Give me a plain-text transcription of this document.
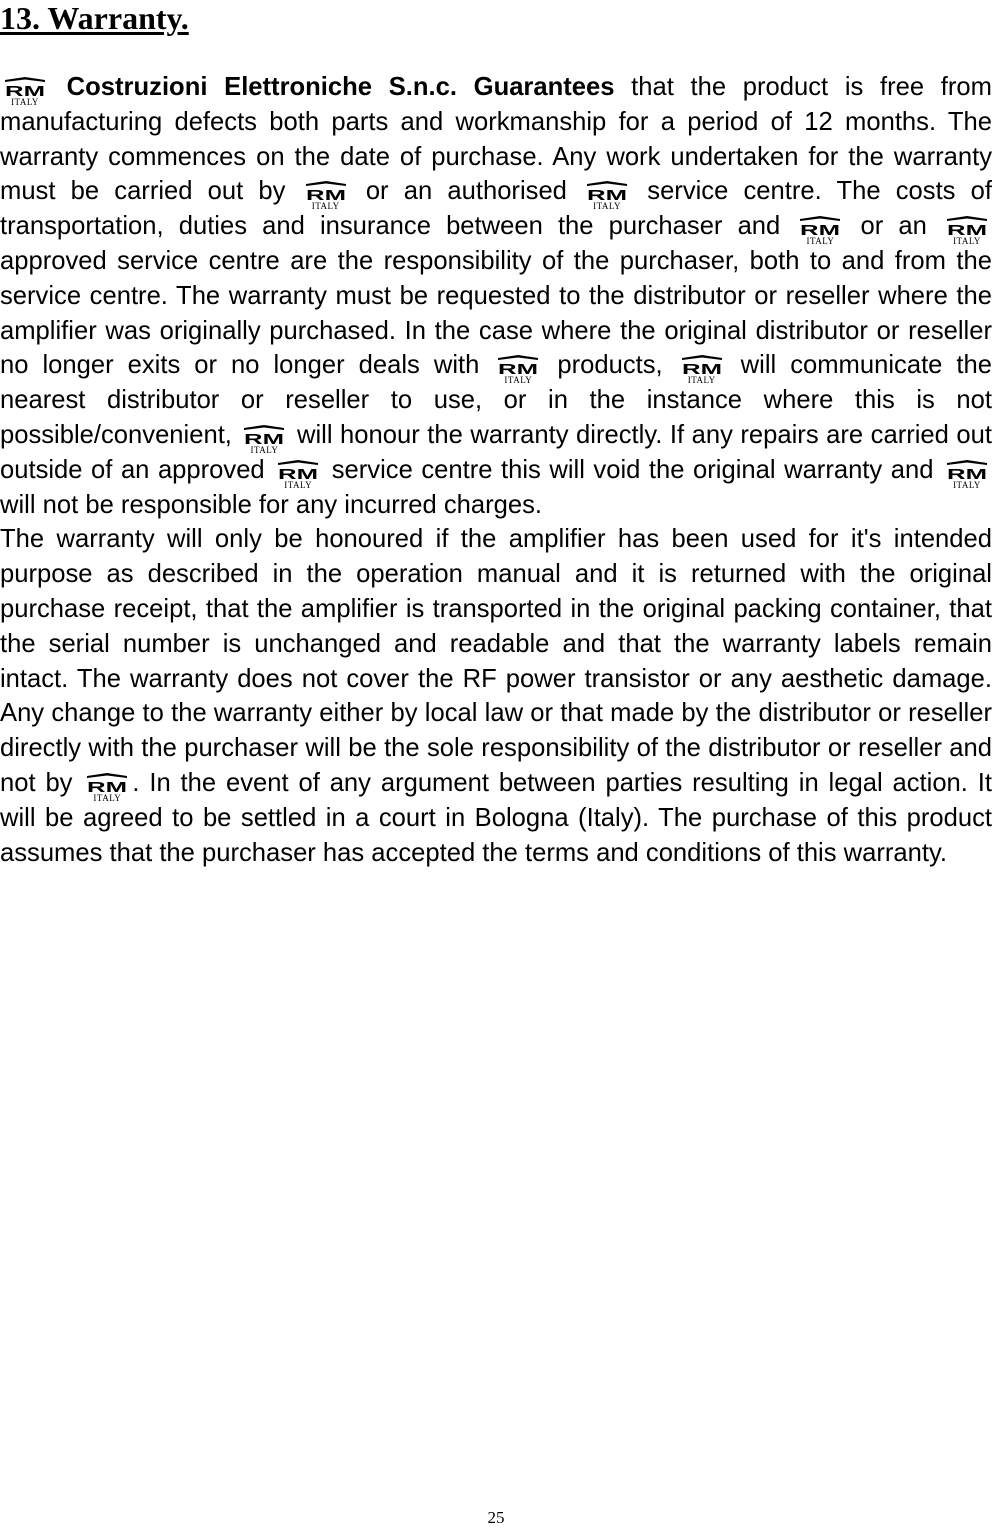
13. Warranty.

RM
ITALY
Costruzioni Elettroniche S.n.c. Guarantees that the product is free from manufacturing defects both parts and workmanship for a period of 12 months. The warranty commences on the date of purchase. Any work undertaken for the warranty must be carried out by RM
ITALY
or an authorised RM
ITALY
service centre. The costs of transportation, duties and insurance between the purchaser and RM
ITALY
or an RM
ITALY
approved service centre are the responsibility of the purchaser, both to and from the service centre. The warranty must be requested to the distributor or reseller where the amplifier was originally purchased. In the case where the original distributor or reseller no longer exits or no longer deals with RM
ITALY
products, RM
ITALY
will communicate the nearest distributor or reseller to use, or in the instance where this is not possible/convenient, RM
ITALY
will honour the warranty directly. If any repairs are carried out outside of an approved RM
ITALY
service centre this will void the original warranty and RM
ITALY
will not be responsible for any incurred charges.

The warranty will only be honoured if the amplifier has been used for it's intended purpose as described in the operation manual and it is returned with the original purchase receipt, that the amplifier is transported in the original packing container, that the serial number is unchanged and readable and that the warranty labels remain intact. The warranty does not cover the RF power transistor or any aesthetic damage. Any change to the warranty either by local law or that made by the distributor or reseller directly with the purchaser will be the sole responsibility of the distributor or reseller and not by RM
ITALY
. In the event of any argument between parties resulting in legal action. It will be agreed to be settled in a court in Bologna (Italy). The purchase of this product assumes that the purchaser has accepted the terms and conditions of this warranty.

25
